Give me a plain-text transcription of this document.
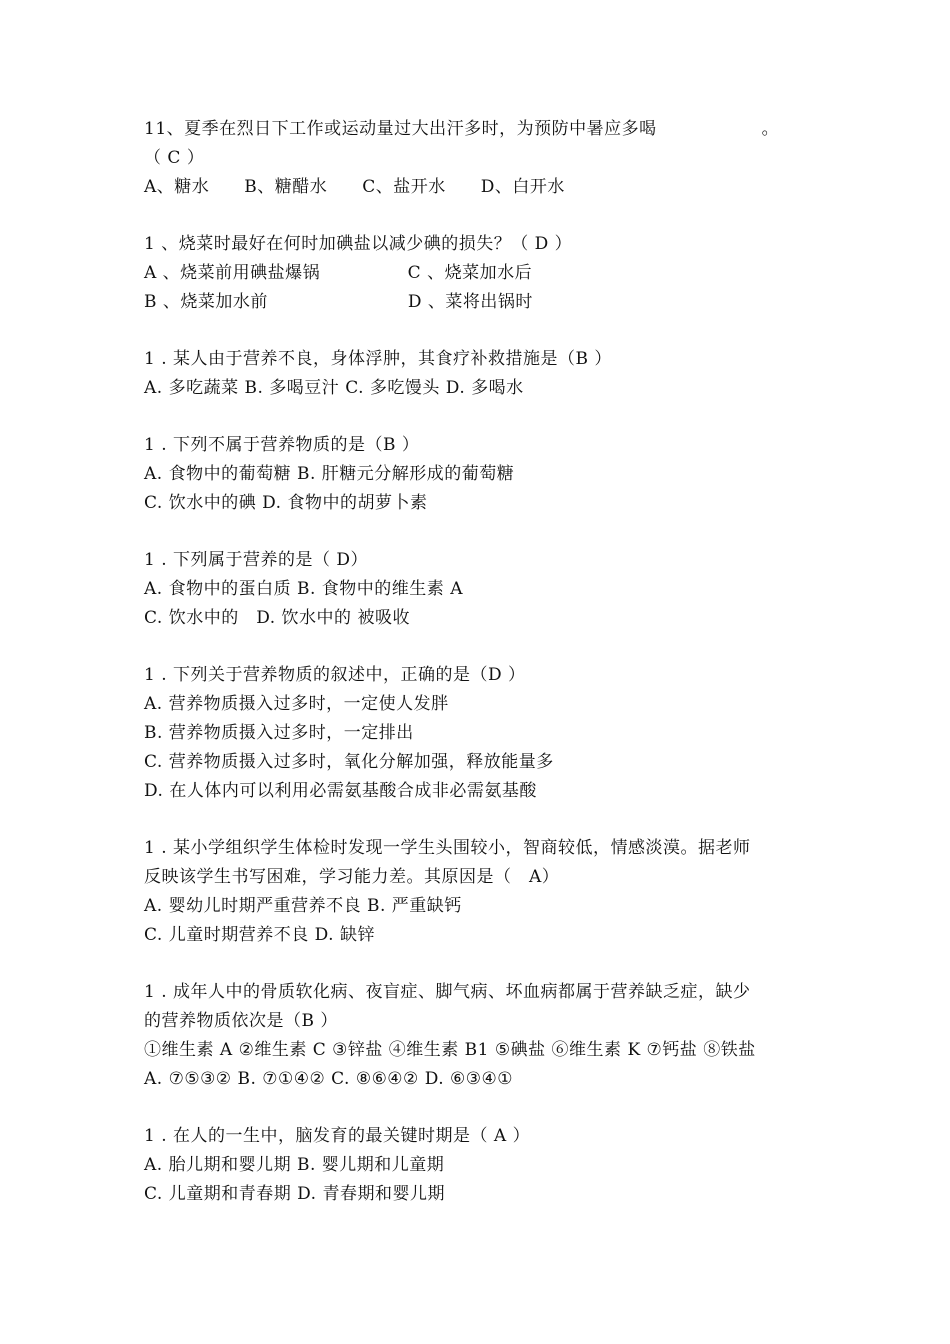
11、夏季在烈日下工作或运动量过大出汗多时，为预防中暑应多喝　　　　　　。
（ C ）
A、糖水　　B、糖醋水　　C、盐开水　　D、白开水
1 、烧菜时最好在何时加碘盐以减少碘的损失？（ D ）
A 、烧菜前用碘盐爆锅　　　　　C 、烧菜加水后
B 、烧菜加水前　　　　　　　　D 、菜将出锅时
1 . 某人由于营养不良，身体浮肿，其食疗补救措施是（B ）
A. 多吃蔬菜 B. 多喝豆汁 C. 多吃馒头 D. 多喝水
1 . 下列不属于营养物质的是（B ）
A. 食物中的葡萄糖 B. 肝糖元分解形成的葡萄糖
C. 饮水中的碘 D. 食物中的胡萝卜素
1 . 下列属于营养的是（ D）
A. 食物中的蛋白质 B. 食物中的维生素 A
C. 饮水中的　D. 饮水中的 被吸收
1 . 下列关于营养物质的叙述中，正确的是（D ）
A. 营养物质摄入过多时，一定使人发胖
B. 营养物质摄入过多时，一定排出
C. 营养物质摄入过多时，氧化分解加强，释放能量多
D. 在人体内可以利用必需氨基酸合成非必需氨基酸
1 . 某小学组织学生体检时发现一学生头围较小，智商较低，情感淡漠。据老师
反映该学生书写困难，学习能力差。其原因是（　A）
A. 婴幼儿时期严重营养不良 B. 严重缺钙
C. 儿童时期营养不良 D. 缺锌
1 . 成年人中的骨质软化病、夜盲症、脚气病、坏血病都属于营养缺乏症，缺少
的营养物质依次是（B ）
①维生素 A ②维生素 C ③锌盐 ④维生素 B1 ⑤碘盐 ⑥维生素 K ⑦钙盐 ⑧铁盐
A. ⑦⑤③② B. ⑦①④② C. ⑧⑥④② D. ⑥③④①
1 . 在人的一生中，脑发育的最关键时期是（ A ）
A. 胎儿期和婴儿期 B. 婴儿期和儿童期
C. 儿童期和青春期 D. 青春期和婴儿期
